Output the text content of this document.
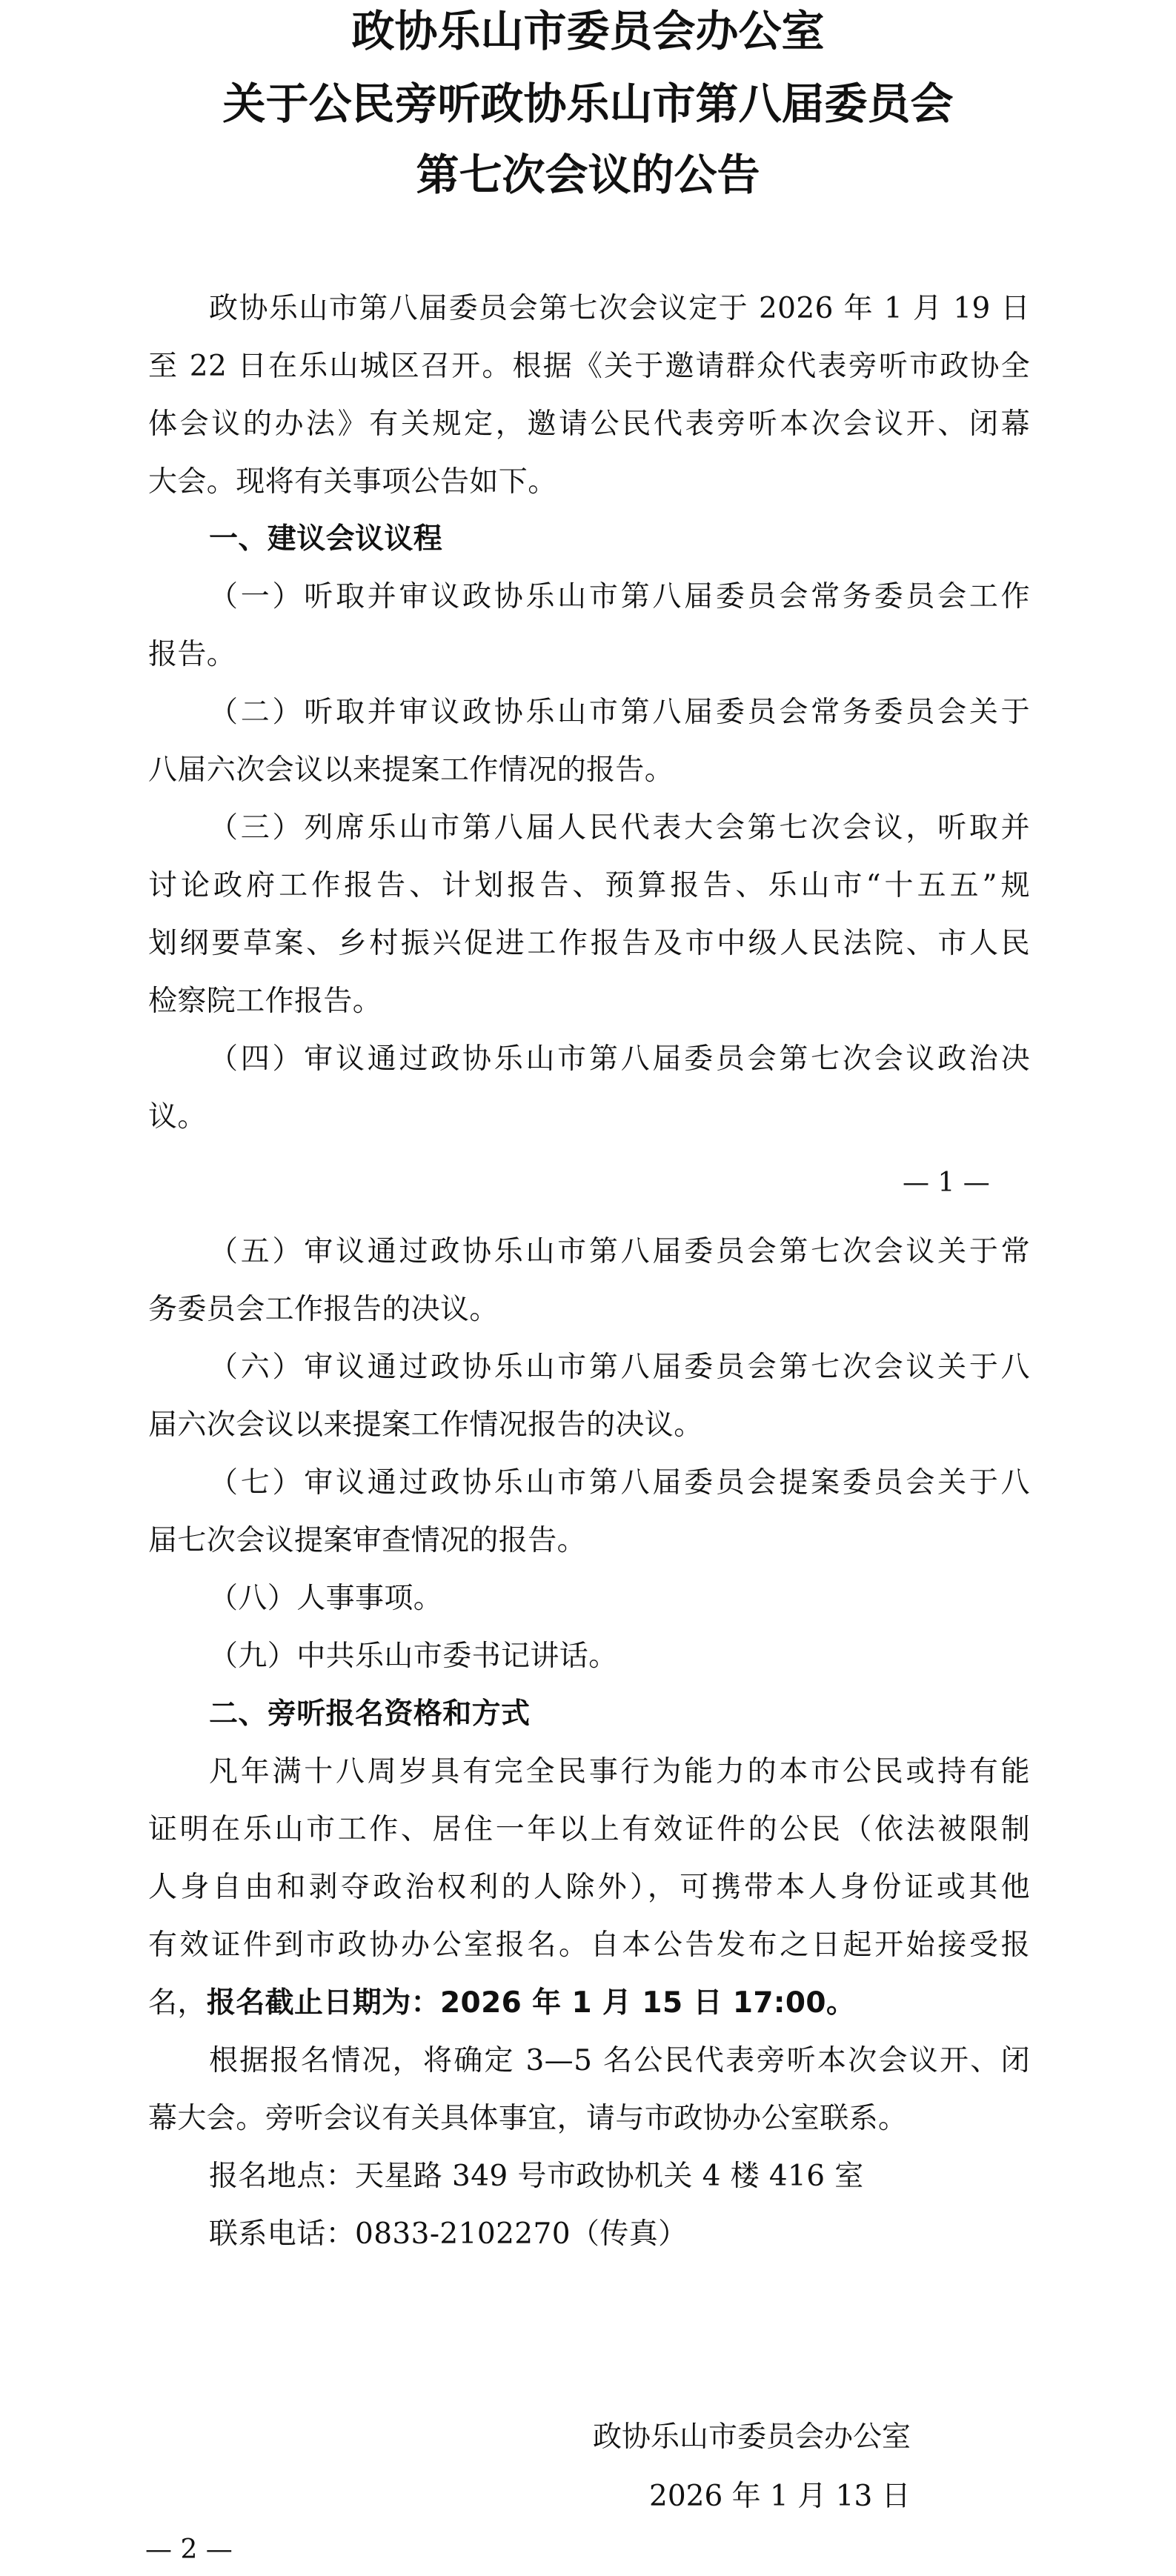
政协乐山市委员会办公室
关于公民旁听政协乐山市第八届委员会
第七次会议的公告
政协乐山市第八届委员会第七次会议定于 2026 年 1 月 19 日
至 22 日在乐山城区召开。根据《关于邀请群众代表旁听市政协全
体会议的办法》有关规定，邀请公民代表旁听本次会议开、闭幕
大会。现将有关事项公告如下。
一、建议会议议程
（一）听取并审议政协乐山市第八届委员会常务委员会工作
报告。
（二）听取并审议政协乐山市第八届委员会常务委员会关于
八届六次会议以来提案工作情况的报告。
（三）列席乐山市第八届人民代表大会第七次会议，听取并
讨论政府工作报告、计划报告、预算报告、乐山市“十五五”规
划纲要草案、乡村振兴促进工作报告及市中级人民法院、市人民
检察院工作报告。
（四）审议通过政协乐山市第八届委员会第七次会议政治决
议。
— 1 —
（五）审议通过政协乐山市第八届委员会第七次会议关于常
务委员会工作报告的决议。
（六）审议通过政协乐山市第八届委员会第七次会议关于八
届六次会议以来提案工作情况报告的决议。
（七）审议通过政协乐山市第八届委员会提案委员会关于八
届七次会议提案审查情况的报告。
（八）人事事项。
（九）中共乐山市委书记讲话。
二、旁听报名资格和方式
凡年满十八周岁具有完全民事行为能力的本市公民或持有能
证明在乐山市工作、居住一年以上有效证件的公民（依法被限制
人身自由和剥夺政治权利的人除外），可携带本人身份证或其他
有效证件到市政协办公室报名。自本公告发布之日起开始接受报
名，报名截止日期为：2026 年 1 月 15 日 17:00。
根据报名情况，将确定 3—5 名公民代表旁听本次会议开、闭
幕大会。旁听会议有关具体事宜，请与市政协办公室联系。
报名地点：天星路 349 号市政协机关 4 楼 416 室
联系电话：0833-2102270（传真）
政协乐山市委员会办公室
2026 年 1 月 13 日
— 2 —
